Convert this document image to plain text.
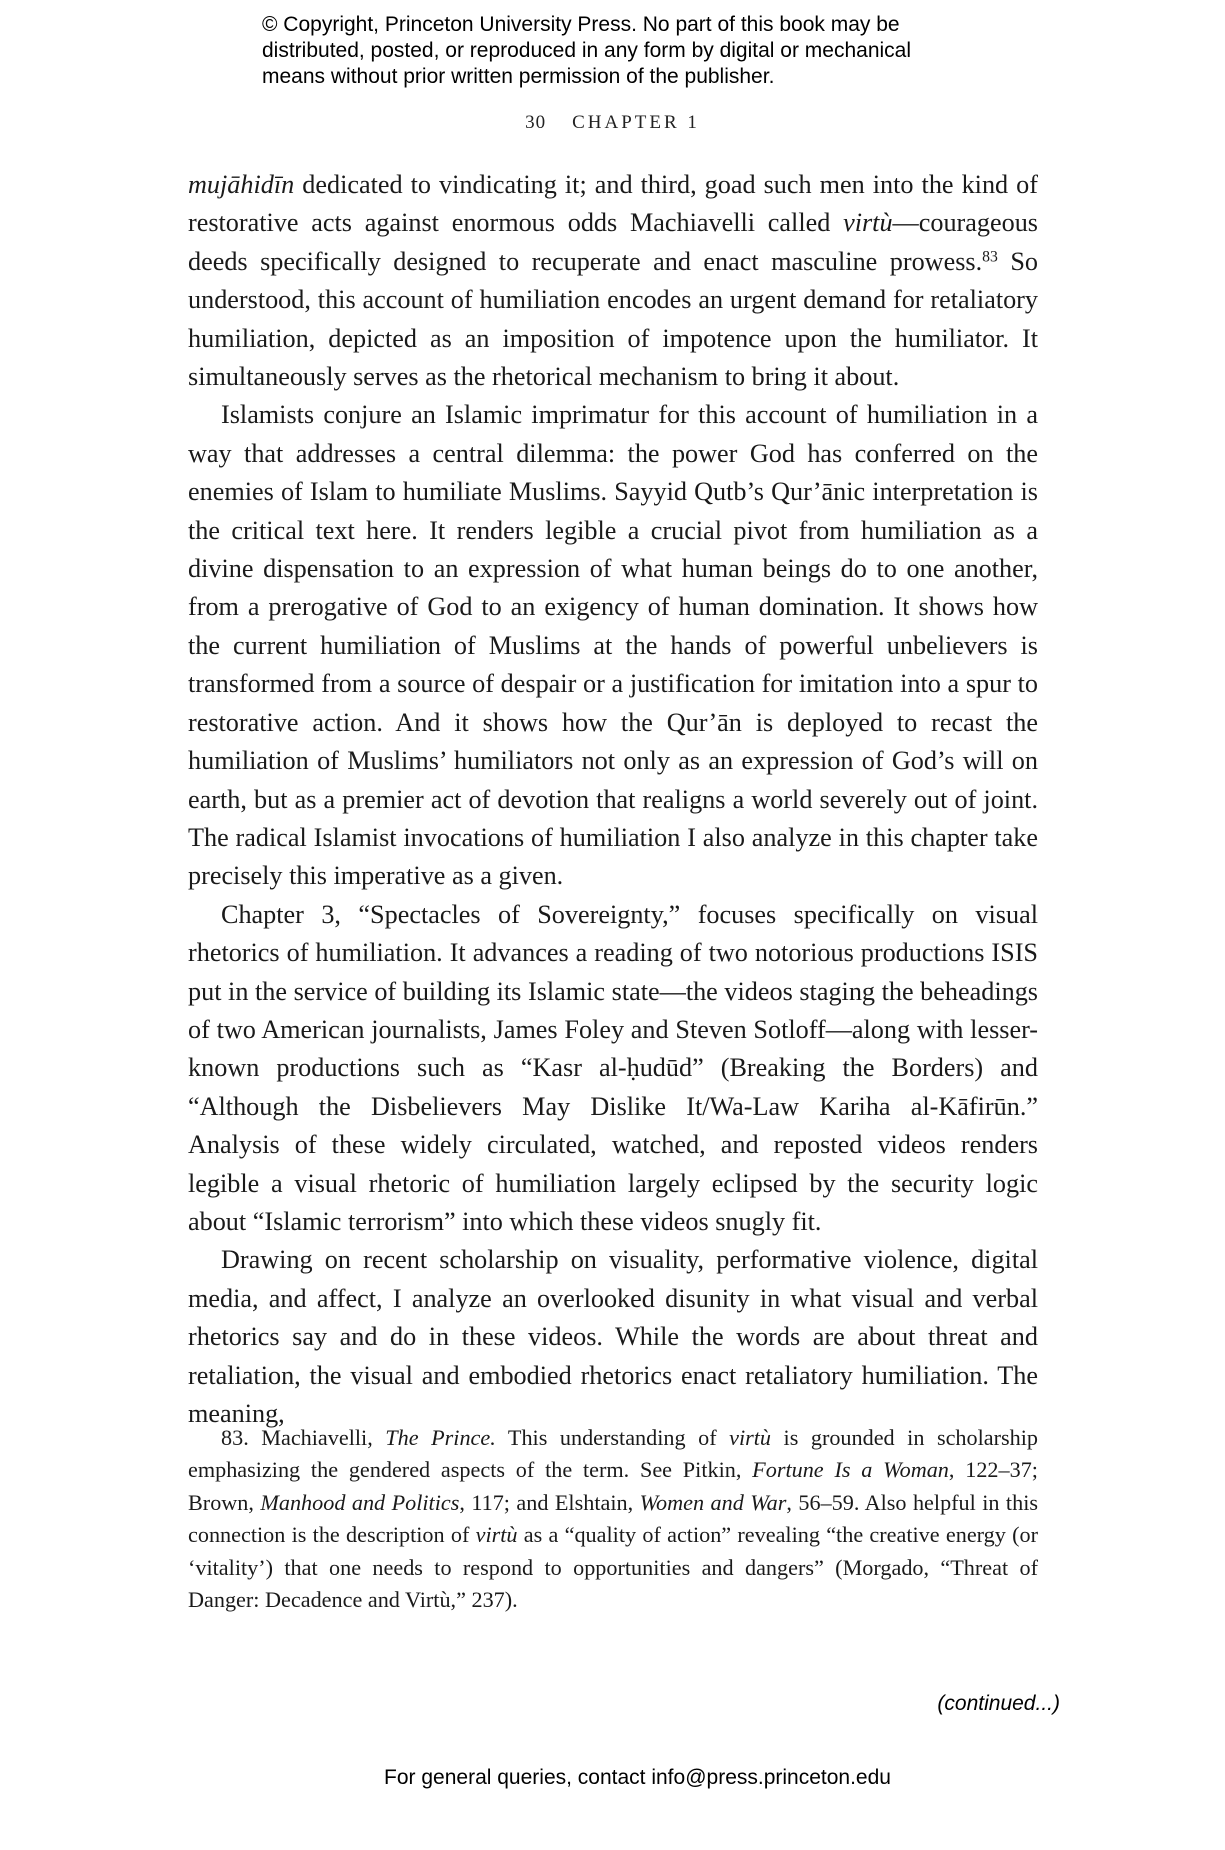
© Copyright, Princeton University Press. No part of this book may be
distributed, posted, or reproduced in any form by digital or mechanical
means without prior written permission of the publisher.
30 CHAPTER 1

mujāhidīn dedicated to vindicating it; and third, goad such men into the kind of restorative acts against enormous odds Machiavelli called virtù—courageous deeds specifically designed to recuperate and enact masculine prowess.$^{83}$ So understood, this account of humiliation encodes an urgent demand for retaliatory humiliation, depicted as an imposition of impotence upon the humiliator. It simultaneously serves as the rhetorical mechanism to bring it about.

Islamists conjure an Islamic imprimatur for this account of humiliation in a way that addresses a central dilemma: the power God has conferred on the enemies of Islam to humiliate Muslims. Sayyid Qutb’s Qur’ānic interpretation is the critical text here. It renders legible a crucial pivot from humiliation as a divine dispensation to an expression of what human beings do to one another, from a prerogative of God to an exigency of human domination. It shows how the current humiliation of Muslims at the hands of powerful unbelievers is transformed from a source of despair or a justification for imitation into a spur to restorative action. And it shows how the Qur’ān is deployed to recast the humiliation of Muslims’ humiliators not only as an expression of God’s will on earth, but as a premier act of devotion that realigns a world severely out of joint. The radical Islamist invocations of humiliation I also analyze in this chapter take precisely this imperative as a given.

Chapter 3, “Spectacles of Sovereignty,” focuses specifically on visual rhetorics of humiliation. It advances a reading of two notorious productions ISIS put in the service of building its Islamic state—the videos staging the beheadings of two American journalists, James Foley and Steven Sotloff—along with lesser-known productions such as “Kasr al-ḥudūd” (Breaking the Borders) and “Although the Disbelievers May Dislike It/Wa-Law Kariha al-Kāfirūn.” Analysis of these widely circulated, watched, and reposted videos renders legible a visual rhetoric of humiliation largely eclipsed by the security logic about “Islamic terrorism” into which these videos snugly fit.

Drawing on recent scholarship on visuality, performative violence, digital media, and affect, I analyze an overlooked disunity in what visual and verbal rhetorics say and do in these videos. While the words are about threat and retaliation, the visual and embodied rhetorics enact retaliatory humiliation. The meaning,

83. Machiavelli, The Prince. This understanding of virtù is grounded in scholarship emphasizing the gendered aspects of the term. See Pitkin, Fortune Is a Woman, 122–37; Brown, Manhood and Politics, 117; and Elshtain, Women and War, 56–59. Also helpful in this connection is the description of virtù as a “quality of action” revealing “the creative energy (or ‘vitality’) that one needs to respond to opportunities and dangers” (Morgado, “Threat of Danger: Decadence and Virtù,” 237).

(continued...)
For general queries, contact info@press.princeton.edu
